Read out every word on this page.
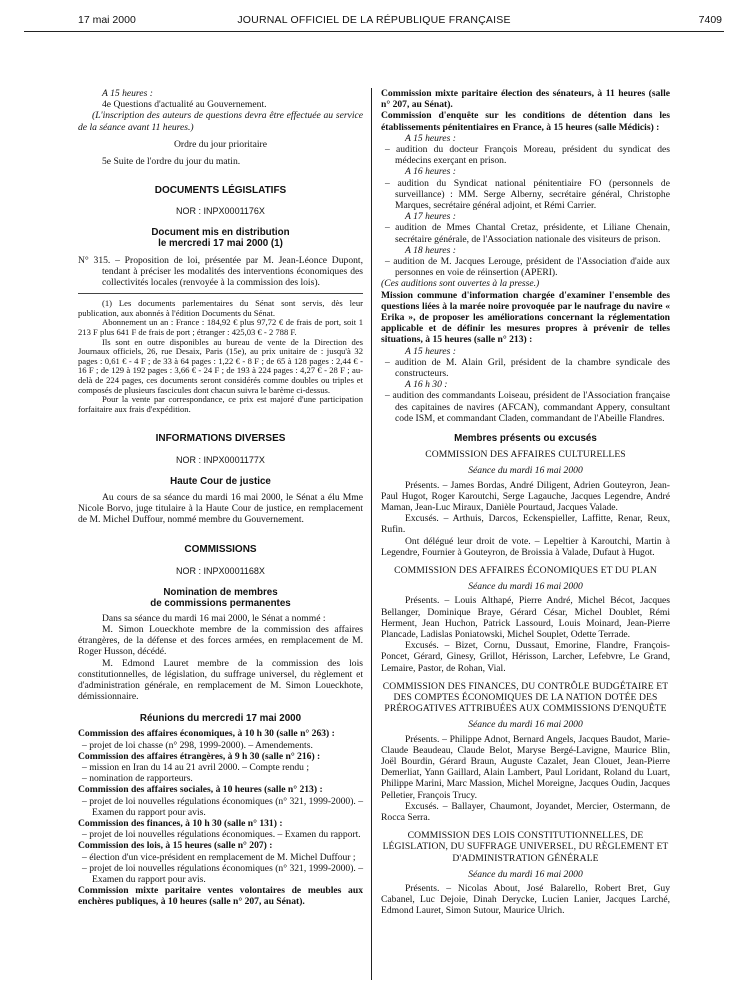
17 mai 2000	JOURNAL OFFICIEL DE LA RÉPUBLIQUE FRANÇAISE	7409

A 15 heures :

4e Questions d'actualité au Gouvernement.

(L'inscription des auteurs de questions devra être effectuée au service de la séance avant 11 heures.)

Ordre du jour prioritaire

5e Suite de l'ordre du jour du matin.

DOCUMENTS LÉGISLATIFS

NOR : INPX0001176X

Document mis en distribution

le mercredi 17 mai 2000 (1)

N° 315. – Proposition de loi, présentée par M. Jean-Léonce Dupont, tendant à préciser les modalités des interventions économiques des collectivités locales (renvoyée à la commission des lois).

(1) Les documents parlementaires du Sénat sont servis, dès leur publication, aux abonnés à l'édition Documents du Sénat.

Abonnement un an : France : 184,92 € plus 97,72 € de frais de port, soit 1 213 F plus 641 F de frais de port ; étranger : 425,03 € - 2 788 F.

Ils sont en outre disponibles au bureau de vente de la Direction des Journaux officiels, 26, rue Desaix, Paris (15e), au prix unitaire de : jusqu'à 32 pages : 0,61 € - 4 F ; de 33 à 64 pages : 1,22 € - 8 F ; de 65 à 128 pages : 2,44 € - 16 F ; de 129 à 192 pages : 3,66 € - 24 F ; de 193 à 224 pages : 4,27 € - 28 F ; au-delà de 224 pages, ces documents seront considérés comme doubles ou triples et composés de plusieurs fascicules dont chacun suivra le barème ci-dessus.

Pour la vente par correspondance, ce prix est majoré d'une participation forfaitaire aux frais d'expédition.

INFORMATIONS DIVERSES

NOR : INPX0001177X

Haute Cour de justice

Au cours de sa séance du mardi 16 mai 2000, le Sénat a élu Mme Nicole Borvo, juge titulaire à la Haute Cour de justice, en remplacement de M. Michel Duffour, nommé membre du Gouvernement.

COMMISSIONS

NOR : INPX0001168X

Nomination de membres

de commissions permanentes

Dans sa séance du mardi 16 mai 2000, le Sénat a nommé :

M. Simon Loueckhote membre de la commission des affaires étrangères, de la défense et des forces armées, en remplacement de M. Roger Husson, décédé.

M. Edmond Lauret membre de la commission des lois constitutionnelles, de législation, du suffrage universel, du règlement et d'administration générale, en remplacement de M. Simon Loueckhote, démissionnaire.

Réunions du mercredi 17 mai 2000

Commission des affaires économiques, à 10 h 30 (salle n° 263) :

– projet de loi chasse (n° 298, 1999-2000). – Amendements.

Commission des affaires étrangères, à 9 h 30 (salle n° 216) :

– mission en Iran du 14 au 21 avril 2000. – Compte rendu ;

– nomination de rapporteurs.

Commission des affaires sociales, à 10 heures (salle n° 213) :

– projet de loi nouvelles régulations économiques (n° 321, 1999-2000). – Examen du rapport pour avis.

Commission des finances, à 10 h 30 (salle n° 131) :

– projet de loi nouvelles régulations économiques. – Examen du rapport.

Commission des lois, à 15 heures (salle n° 207) :

– élection d'un vice-président en remplacement de M. Michel Duffour ;

– projet de loi nouvelles régulations économiques (n° 321, 1999-2000). – Examen du rapport pour avis.

Commission mixte paritaire ventes volontaires de meubles aux enchères publiques, à 10 heures (salle n° 207, au Sénat).

Commission mixte paritaire élection des sénateurs, à 11 heures (salle n° 207, au Sénat).

Commission d'enquête sur les conditions de détention dans les établissements pénitentiaires en France, à 15 heures (salle Médicis) :

A 15 heures :

– audition du docteur François Moreau, président du syndicat des médecins exerçant en prison.

A 16 heures :

– audition du Syndicat national pénitentiaire FO (personnels de surveillance) : MM. Serge Alberny, secrétaire général, Christophe Marques, secrétaire général adjoint, et Rémi Carrier.

A 17 heures :

– audition de Mmes Chantal Cretaz, présidente, et Liliane Chenain, secrétaire générale, de l'Association nationale des visiteurs de prison.

A 18 heures :

– audition de M. Jacques Lerouge, président de l'Association d'aide aux personnes en voie de réinsertion (APERI).

(Ces auditions sont ouvertes à la presse.)

Mission commune d'information chargée d'examiner l'ensemble des questions liées à la marée noire provoquée par le naufrage du navire « Erika », de proposer les améliorations concernant la réglementation applicable et de définir les mesures propres à prévenir de telles situations, à 15 heures (salle n° 213) :

A 15 heures :

– audition de M. Alain Gril, président de la chambre syndicale des constructeurs.

A 16 h 30 :

– audition des commandants Loiseau, président de l'Association française des capitaines de navires (AFCAN), commandant Appery, consultant code ISM, et commandant Claden, commandant de l'Abeille Flandres.

Membres présents ou excusés

COMMISSION DES AFFAIRES CULTURELLES

Séance du mardi 16 mai 2000

Présents. – James Bordas, André Diligent, Adrien Gouteyron, Jean-Paul Hugot, Roger Karoutchi, Serge Lagauche, Jacques Legendre, André Maman, Jean-Luc Miraux, Danièle Pourtaud, Jacques Valade.

Excusés. – Arthuis, Darcos, Eckenspieller, Laffitte, Renar, Reux, Rufin.

Ont délégué leur droit de vote. – Lepeltier à Karoutchi, Martin à Legendre, Fournier à Gouteyron, de Broissia à Valade, Dufaut à Hugot.

COMMISSION DES AFFAIRES ÉCONOMIQUES ET DU PLAN

Séance du mardi 16 mai 2000

Présents. – Louis Althapé, Pierre André, Michel Bécot, Jacques Bellanger, Dominique Braye, Gérard César, Michel Doublet, Rémi Herment, Jean Huchon, Patrick Lassourd, Louis Moinard, Jean-Pierre Plancade, Ladislas Poniatowski, Michel Souplet, Odette Terrade.

Excusés. – Bizet, Cornu, Dussaut, Emorine, Flandre, François-Poncet, Gérard, Ginesy, Grillot, Hérisson, Larcher, Lefebvre, Le Grand, Lemaire, Pastor, de Rohan, Vial.

COMMISSION DES FINANCES, DU CONTRÔLE BUDGÉTAIRE ET DES COMPTES ÉCONOMIQUES DE LA NATION DOTÉE DES PRÉROGATIVES ATTRIBUÉES AUX COMMISSIONS D'ENQUÊTE

Séance du mardi 16 mai 2000

Présents. – Philippe Adnot, Bernard Angels, Jacques Baudot, Marie-Claude Beaudeau, Claude Belot, Maryse Bergé-Lavigne, Maurice Blin, Joël Bourdin, Gérard Braun, Auguste Cazalet, Jean Clouet, Jean-Pierre Demerliat, Yann Gaillard, Alain Lambert, Paul Loridant, Roland du Luart, Philippe Marini, Marc Massion, Michel Moreigne, Jacques Oudin, Jacques Pelletier, François Trucy.

Excusés. – Ballayer, Chaumont, Joyandet, Mercier, Ostermann, de Rocca Serra.

COMMISSION DES LOIS CONSTITUTIONNELLES, DE LÉGISLATION, DU SUFFRAGE UNIVERSEL, DU RÈGLEMENT ET D'ADMINISTRATION GÉNÉRALE

Séance du mardi 16 mai 2000

Présents. – Nicolas About, José Balarello, Robert Bret, Guy Cabanel, Luc Dejoie, Dinah Derycke, Lucien Lanier, Jacques Larché, Edmond Lauret, Simon Sutour, Maurice Ulrich.
